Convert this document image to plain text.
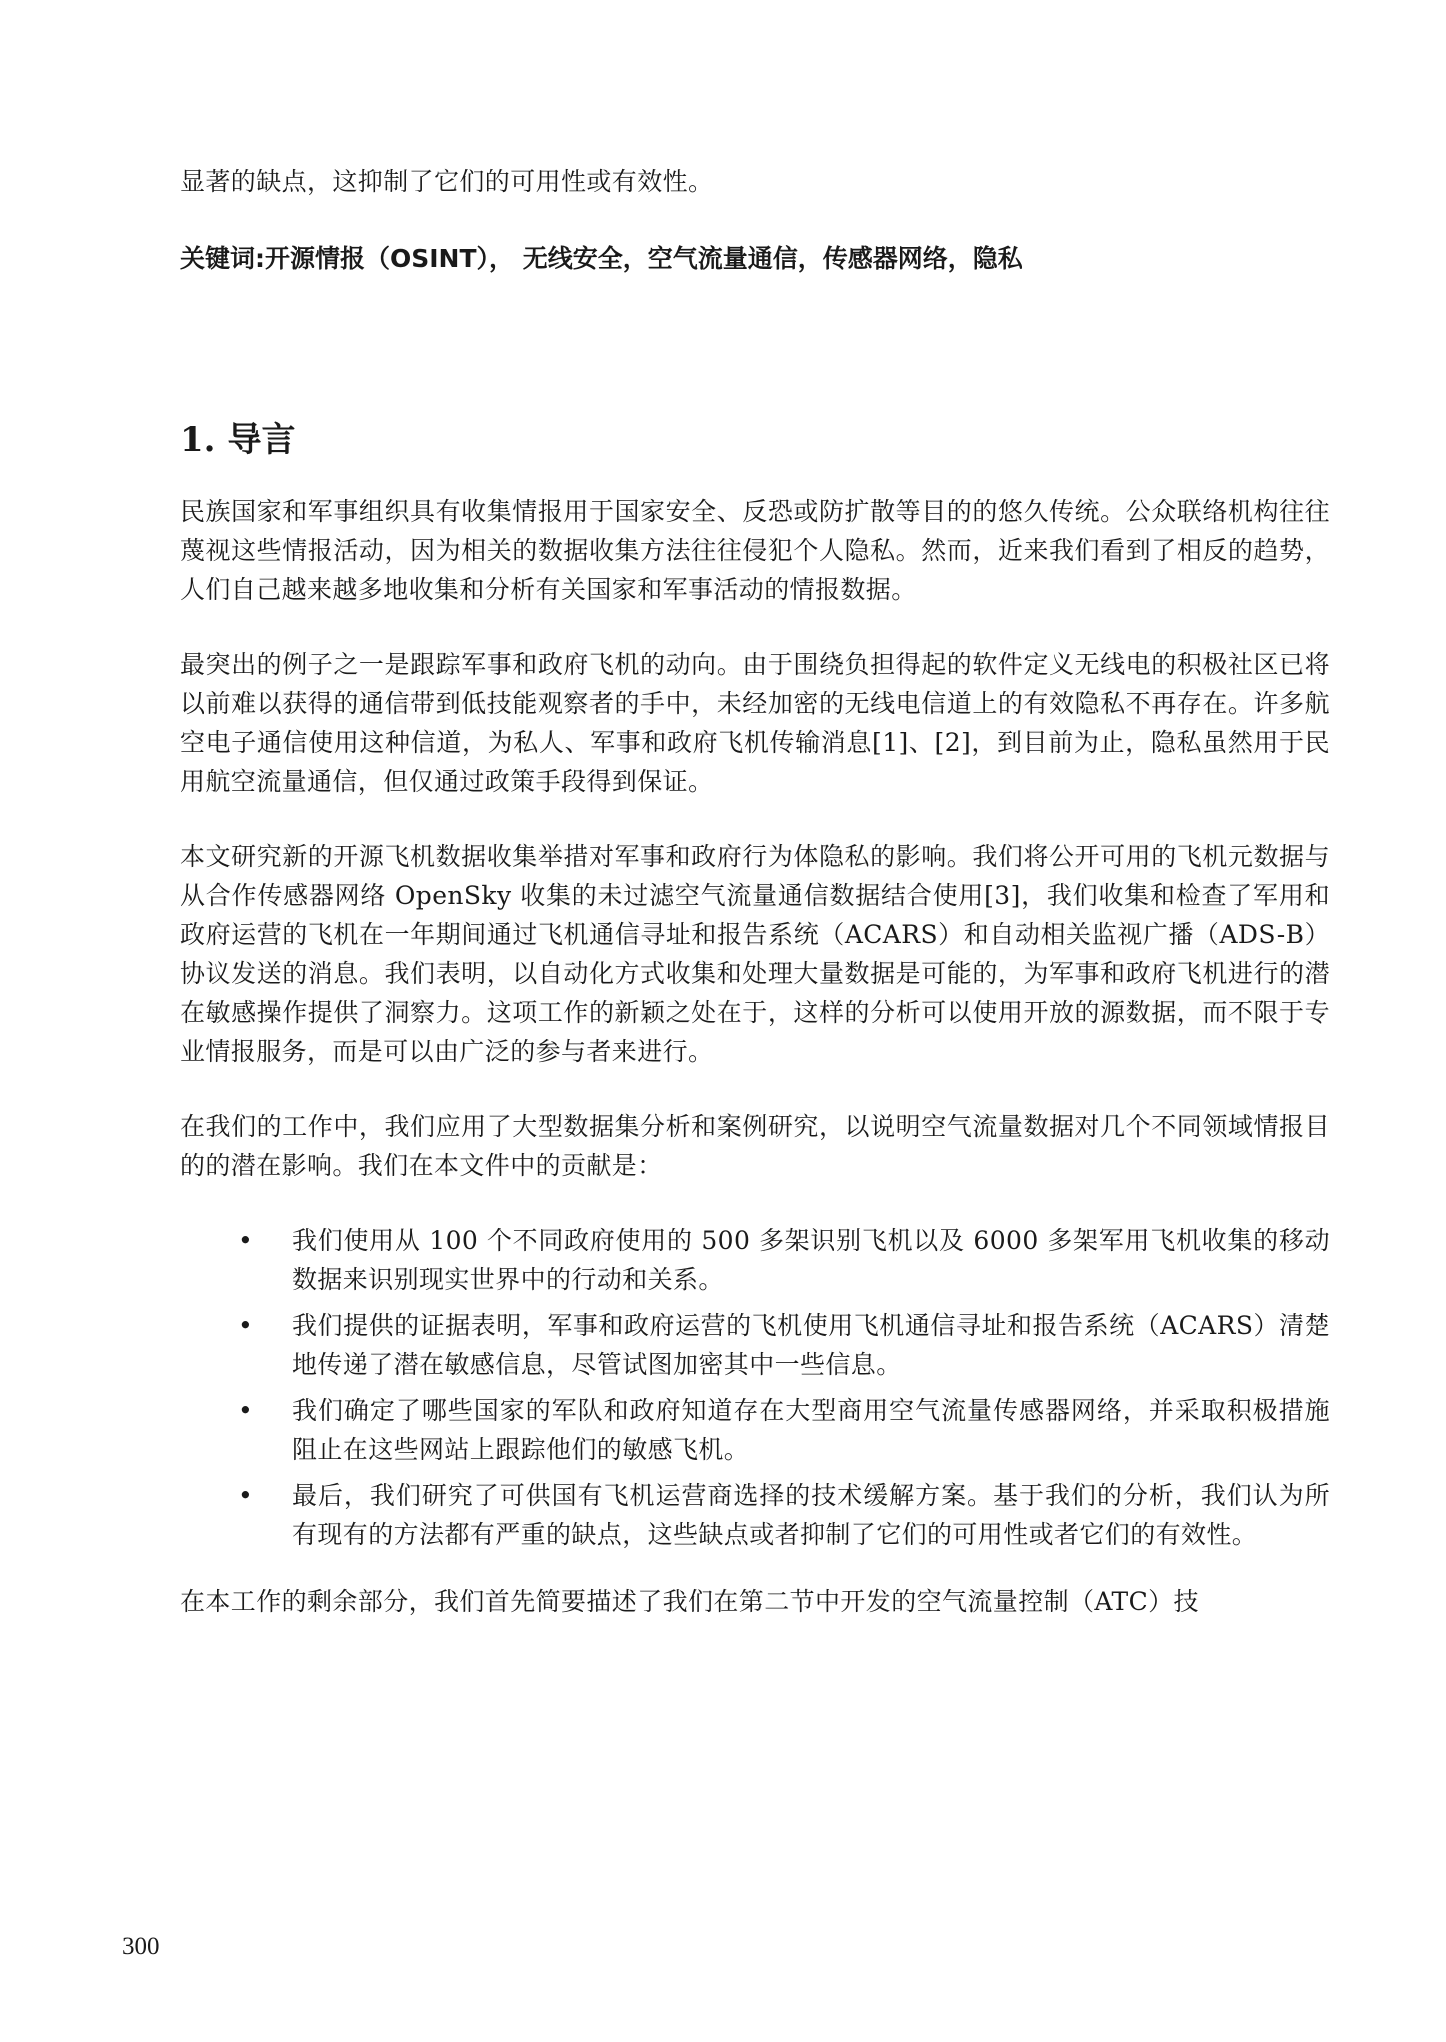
显著的缺点，这抑制了它们的可用性或有效性。

关键词:开源情报（OSINT）， 无线安全，空气流量通信，传感器网络，隐私

1. 导言

民族国家和军事组织具有收集情报用于国家安全、反恐或防扩散等目的的悠久传统。公众联络机构往往蔑视这些情报活动，因为相关的数据收集方法往往侵犯个人隐私。然而，近来我们看到了相反的趋势，人们自己越来越多地收集和分析有关国家和军事活动的情报数据。

最突出的例子之一是跟踪军事和政府飞机的动向。由于围绕负担得起的软件定义无线电的积极社区已将以前难以获得的通信带到低技能观察者的手中，未经加密的无线电信道上的有效隐私不再存在。许多航空电子通信使用这种信道，为私人、军事和政府飞机传输消息[1]、[2]，到目前为止，隐私虽然用于民用航空流量通信，但仅通过政策手段得到保证。

本文研究新的开源飞机数据收集举措对军事和政府行为体隐私的影响。我们将公开可用的飞机元数据与从合作传感器网络 OpenSky 收集的未过滤空气流量通信数据结合使用[3]，我们收集和检查了军用和政府运营的飞机在一年期间通过飞机通信寻址和报告系统（ACARS）和自动相关监视广播（ADS-B）协议发送的消息。我们表明，以自动化方式收集和处理大量数据是可能的，为军事和政府飞机进行的潜在敏感操作提供了洞察力。这项工作的新颖之处在于，这样的分析可以使用开放的源数据，而不限于专业情报服务，而是可以由广泛的参与者来进行。

在我们的工作中，我们应用了大型数据集分析和案例研究，以说明空气流量数据对几个不同领域情报目的的潜在影响。我们在本文件中的贡献是：

• 我们使用从 100 个不同政府使用的 500 多架识别飞机以及 6000 多架军用飞机收集的移动数据来识别现实世界中的行动和关系。
• 我们提供的证据表明，军事和政府运营的飞机使用飞机通信寻址和报告系统（ACARS）清楚地传递了潜在敏感信息，尽管试图加密其中一些信息。
• 我们确定了哪些国家的军队和政府知道存在大型商用空气流量传感器网络，并采取积极措施阻止在这些网站上跟踪他们的敏感飞机。
• 最后，我们研究了可供国有飞机运营商选择的技术缓解方案。基于我们的分析，我们认为所有现有的方法都有严重的缺点，这些缺点或者抑制了它们的可用性或者它们的有效性。

在本工作的剩余部分，我们首先简要描述了我们在第二节中开发的空气流量控制（ATC）技

300
